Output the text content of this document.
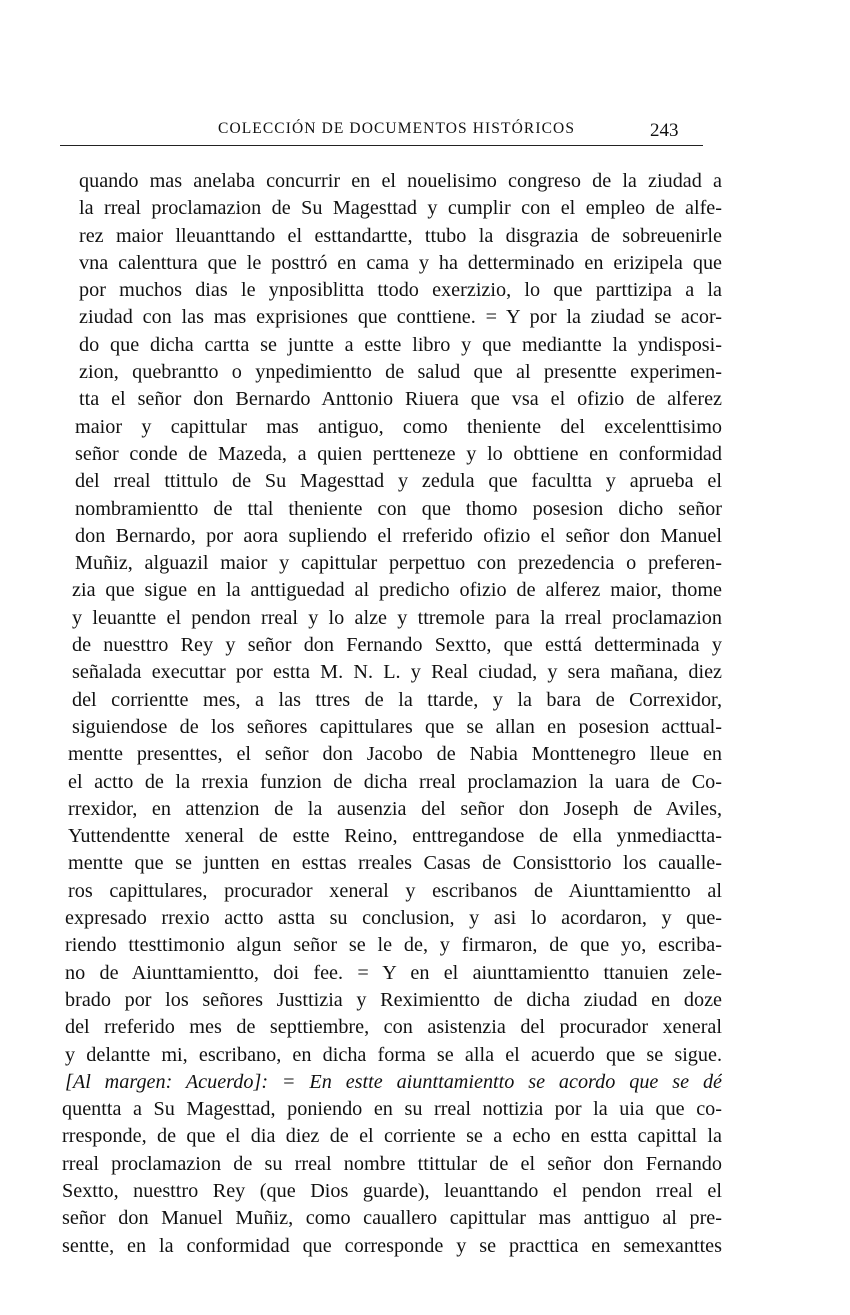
COLECCIÓN DE DOCUMENTOS HISTÓRICOS	243
quando mas anelaba concurrir en el nouelisimo congreso de la ziudad a
la rreal proclamazion de Su Magesttad y cumplir con el empleo de alfe-
rez maior lleuanttando el esttandartte, ttubo la disgrazia de sobreuenirle
vna calenttura que le posttró en cama y ha detterminado en erizipela que
por muchos dias le ynposiblitta ttodo exerzizio, lo que parttizipa a la
ziudad con las mas exprisiones que conttiene. = Y por la ziudad se acor-
do que dicha cartta se juntte a estte libro y que mediantte la yndisposi-
zion, quebrantto o ynpedimientto de salud que al presentte experimen-
tta el señor don Bernardo Anttonio Riuera que vsa el ofizio de alferez
maior y capittular mas antiguo, como theniente del excelenttisimo
señor conde de Mazeda, a quien pertteneze y lo obttiene en conformidad
del rreal ttittulo de Su Magesttad y zedula que facultta y aprueba el
nombramientto de ttal theniente con que thomo posesion dicho señor
don Bernardo, por aora supliendo el rreferido ofizio el señor don Manuel
Muñiz, alguazil maior y capittular perpettuo con prezedencia o preferen-
zia que sigue en la anttiguedad al predicho ofizio de alferez maior, thome
y leuantte el pendon rreal y lo alze y ttremole para la rreal proclamazion
de nuesttro Rey y señor don Fernando Sextto, que esttá detterminada y
señalada executtar por estta M. N. L. y Real ciudad, y sera mañana, diez
del corrientte mes, a las ttres de la ttarde, y la bara de Correxidor,
siguiendose de los señores capittulares que se allan en posesion acttual-
mentte presenttes, el señor don Jacobo de Nabia Monttenegro lleue en
el actto de la rrexia funzion de dicha rreal proclamazion la uara de Co-
rrexidor, en attenzion de la ausenzia del señor don Joseph de Aviles,
Yuttendentte xeneral de estte Reino, enttregandose de ella ynmediactta-
mentte que se juntten en esttas rreales Casas de Consisttorio los caualle-
ros capittulares, procurador xeneral y escribanos de Aiunttamientto al
expresado rrexio actto astta su conclusion, y asi lo acordaron, y que-
riendo ttesttimonio algun señor se le de, y firmaron, de que yo, escriba-
no de Aiunttamientto, doi fee. = Y en el aiunttamientto ttanuien zele-
brado por los señores Justtizia y Reximientto de dicha ziudad en doze
del rreferido mes de septtiembre, con asistenzia del procurador xeneral
y delantte mi, escribano, en dicha forma se alla el acuerdo que se sigue.
[Al margen: Acuerdo]: = En estte aiunttamientto se acordo que se dé
quentta a Su Magesttad, poniendo en su rreal nottizia por la uia que co-
rresponde, de que el dia diez de el corriente se a echo en estta capittal la
rreal proclamazion de su rreal nombre ttittular de el señor don Fernando
Sextto, nuesttro Rey (que Dios guarde), leuanttando el pendon rreal el
señor don Manuel Muñiz, como cauallero capittular mas anttiguo al pre-
sentte, en la conformidad que corresponde y se practtica en semexanttes
